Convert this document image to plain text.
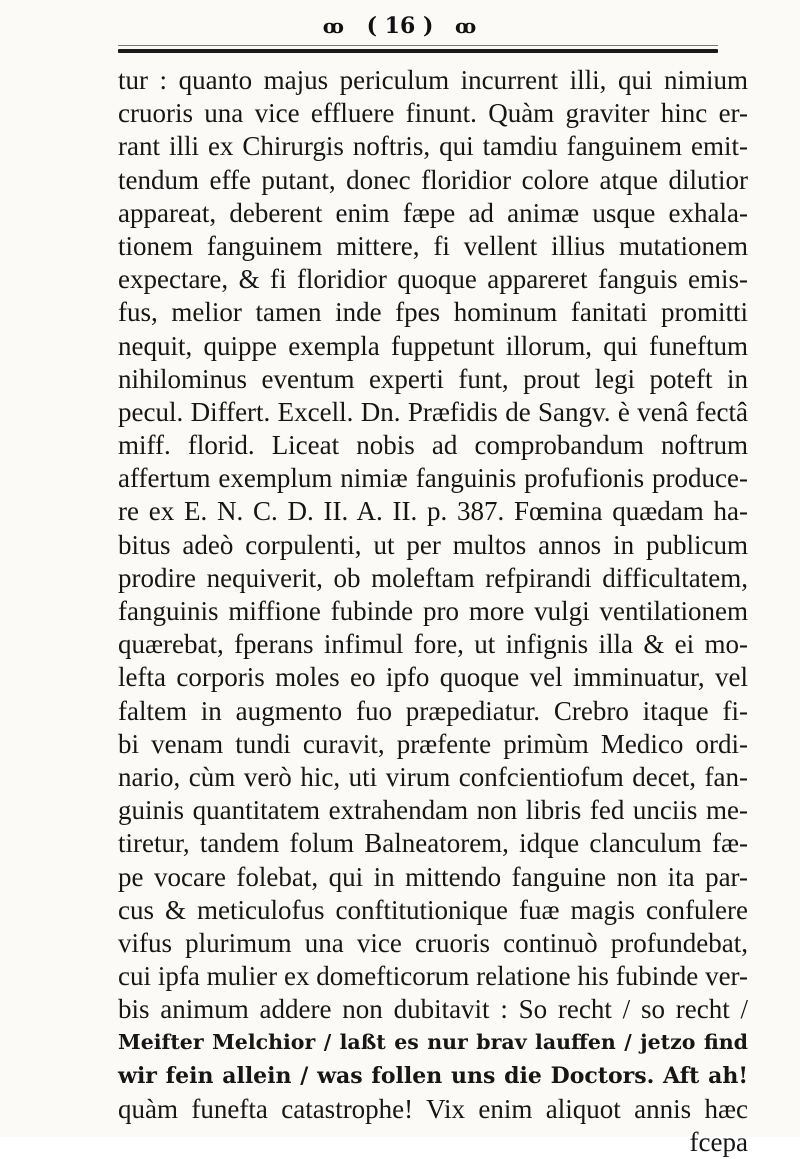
ꝏ ( 16 ) ꝏ
tur : quanto majus periculum incurrent illi, qui nimium
cruoris una vice effluere finunt. Quàm graviter hinc er-
rant illi ex Chirurgis noftris, qui tamdiu fanguinem emit-
tendum effe putant, donec floridior colore atque dilutior
appareat, deberent enim fæpe ad animæ usque exhala-
tionem fanguinem mittere, fi vellent illius mutationem
expectare, & fi floridior quoque appareret fanguis emis-
fus, melior tamen inde fpes hominum fanitati promitti
nequit, quippe exempla fuppetunt illorum, qui funeftum
nihilominus eventum experti funt, prout legi poteft in
pecul. Differt. Excell. Dn. Præfidis de Sangv. è venâ fectâ
miff. florid. Liceat nobis ad comprobandum noftrum
affertum exemplum nimiæ fanguinis profufionis produce-
re ex E. N. C. D. II. A. II. p. 387. Fœmina quædam ha-
bitus adeò corpulenti, ut per multos annos in publicum
prodire nequiverit, ob moleftam refpirandi difficultatem,
fanguinis miffione fubinde pro more vulgi ventilationem
quærebat, fperans infimul fore, ut infignis illa & ei mo-
lefta corporis moles eo ipfo quoque vel imminuatur, vel
faltem in augmento fuo præpediatur. Crebro itaque fi-
bi venam tundi curavit, præfente primùm Medico ordi-
nario, cùm verò hic, uti virum confcientiofum decet, fan-
guinis quantitatem extrahendam non libris fed unciis me-
tiretur, tandem folum Balneatorem, idque clanculum fæ-
pe vocare folebat, qui in mittendo fanguine non ita par-
cus & meticulofus conftitutionique fuæ magis confulere
vifus plurimum una vice cruoris continuò profundebat,
cui ipfa mulier ex domefticorum relatione his fubinde ver-
bis animum addere non dubitavit : So recht / so recht /
Meifter Melchior / laßt es nur brav lauffen / jetzo find
wir fein allein / was follen uns die Doctors. Aft ah!
quàm funefta catastrophe! Vix enim aliquot annis hæc
fcepa
